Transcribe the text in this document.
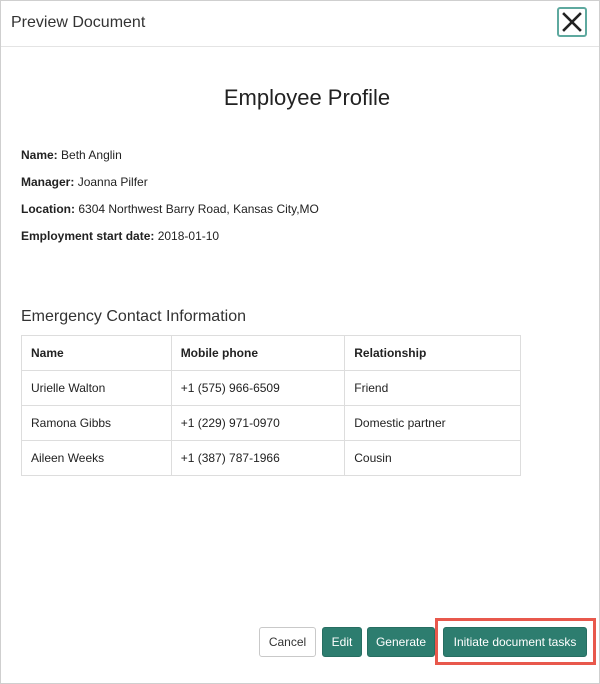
Preview Document
Employee Profile
Name: Beth Anglin
Manager: Joanna Pilfer
Location: 6304 Northwest Barry Road, Kansas City,MO
Employment start date: 2018-01-10
Emergency Contact Information
Name	Mobile phone	Relationship
Urielle Walton	+1 (575) 966-6509	Friend
Ramona Gibbs	+1 (229) 971-0970	Domestic partner
Aileen Weeks	+1 (387) 787-1966	Cousin
Cancel	Edit	Generate	Initiate document tasks
